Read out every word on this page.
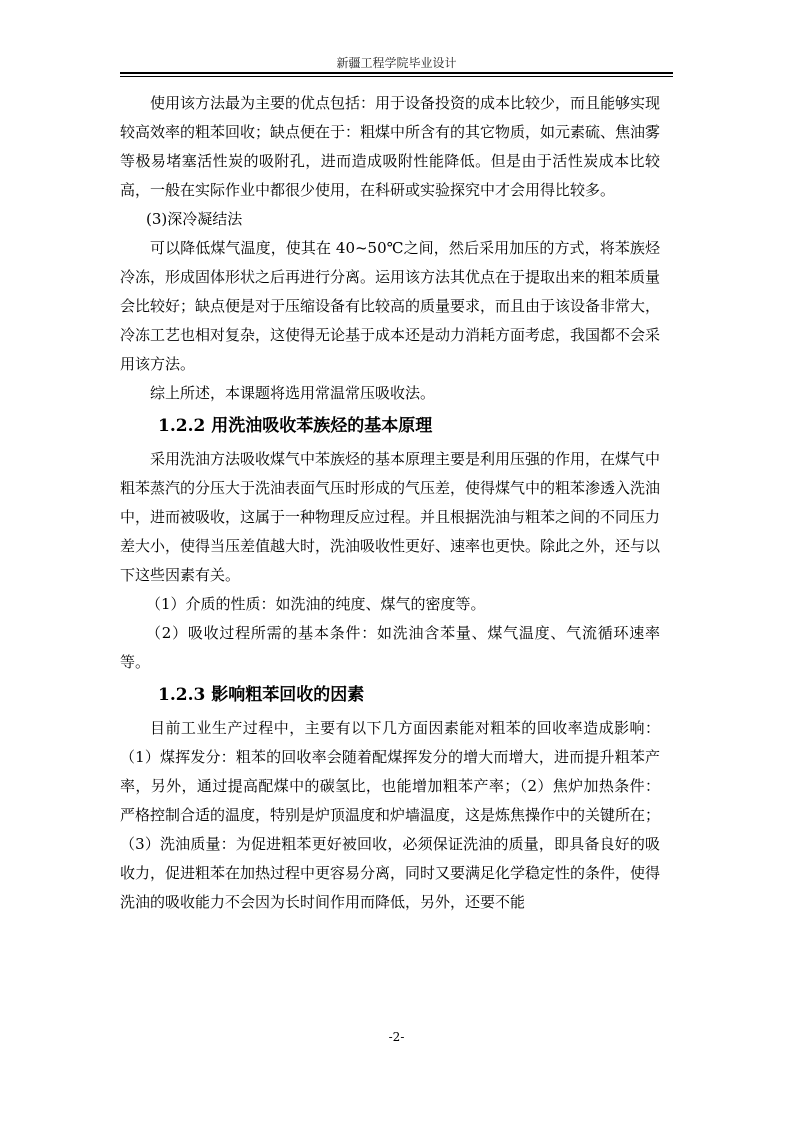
新疆工程学院毕业设计

使用该方法最为主要的优点包括：用于设备投资的成本比较少，而且能够实现较高效率的粗苯回收；缺点便在于：粗煤中所含有的其它物质，如元素硫、焦油雾等极易堵塞活性炭的吸附孔，进而造成吸附性能降低。但是由于活性炭成本比较高，一般在实际作业中都很少使用，在科研或实验探究中才会用得比较多。

(3)深冷凝结法

可以降低煤气温度，使其在 40~50℃之间，然后采用加压的方式，将苯族烃冷冻，形成固体形状之后再进行分离。运用该方法其优点在于提取出来的粗苯质量会比较好；缺点便是对于压缩设备有比较高的质量要求，而且由于该设备非常大，冷冻工艺也相对复杂，这使得无论基于成本还是动力消耗方面考虑，我国都不会采用该方法。

综上所述，本课题将选用常温常压吸收法。

1.2.2 用洗油吸收苯族烃的基本原理

采用洗油方法吸收煤气中苯族烃的基本原理主要是利用压强的作用，在煤气中粗苯蒸汽的分压大于洗油表面气压时形成的气压差，使得煤气中的粗苯渗透入洗油中，进而被吸收，这属于一种物理反应过程。并且根据洗油与粗苯之间的不同压力差大小，使得当压差值越大时，洗油吸收性更好、速率也更快。除此之外，还与以下这些因素有关。

（1）介质的性质：如洗油的纯度、煤气的密度等。

（2）吸收过程所需的基本条件：如洗油含苯量、煤气温度、气流循环速率等。

1.2.3 影响粗苯回收的因素

目前工业生产过程中，主要有以下几方面因素能对粗苯的回收率造成影响：（1）煤挥发分：粗苯的回收率会随着配煤挥发分的增大而增大，进而提升粗苯产率，另外，通过提高配煤中的碳氢比，也能增加粗苯产率；（2）焦炉加热条件：严格控制合适的温度，特别是炉顶温度和炉墙温度，这是炼焦操作中的关键所在；（3）洗油质量：为促进粗苯更好被回收，必须保证洗油的质量，即具备良好的吸收力，促进粗苯在加热过程中更容易分离，同时又要满足化学稳定性的条件，使得洗油的吸收能力不会因为长时间作用而降低，另外，还要不能

-2-
